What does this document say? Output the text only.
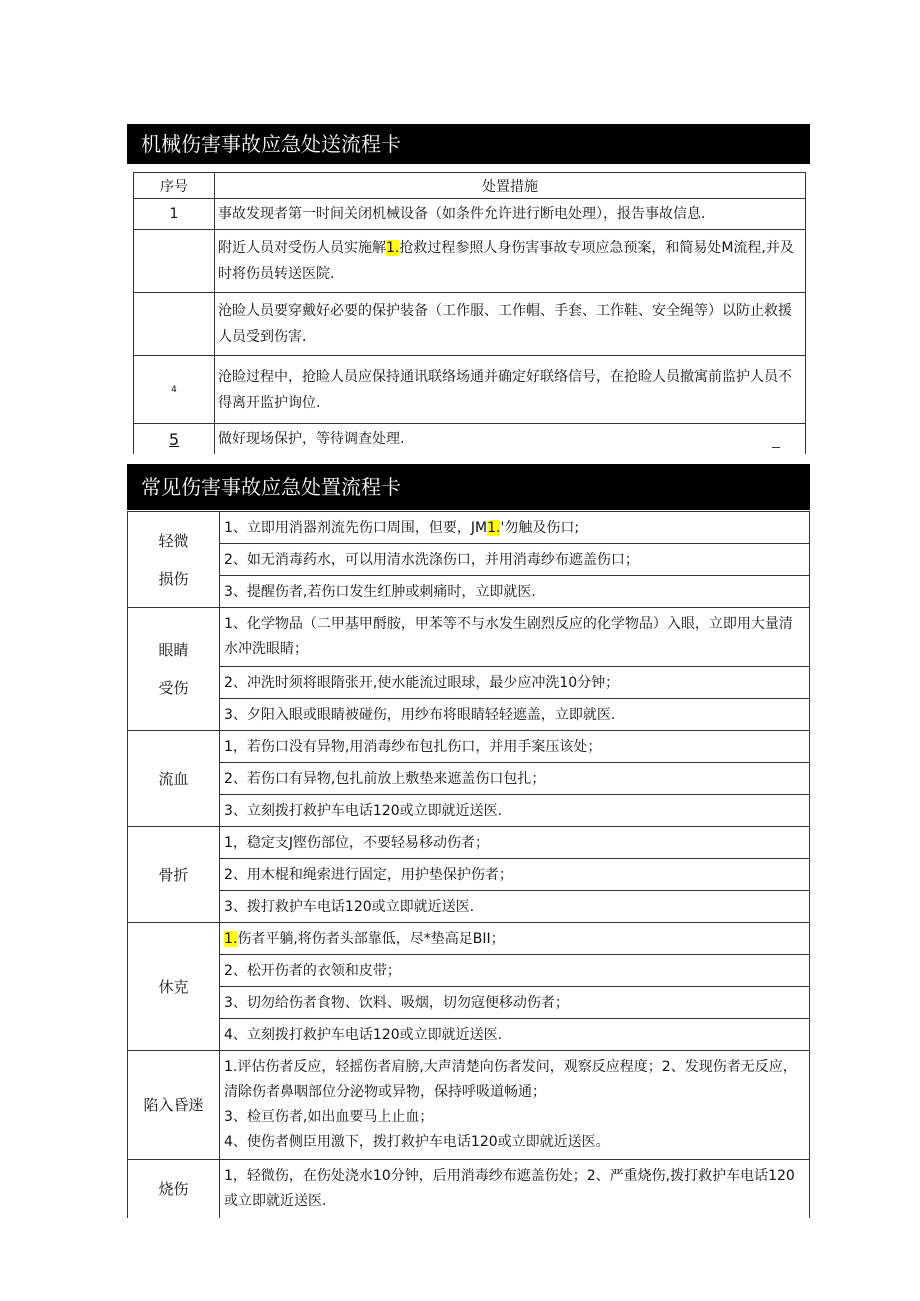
机械伤害事故应急处送流程卡
序号	处置措施
1	事故发现者第一时间关闭机械设备（如条件允许进行断电处理），报告事故信息.
	附近人员对受伤人员实施解1.抢救过程参照人身伤害事故专项应急预案，和简易处M流程,并及时将伤员转送医院.
	沧睑人员要穿戴好必要的保护装备（工作服、工作帽、手套、工作鞋、安全绳等）以防止救援人员受到伤害.
4	沧睑过程中，抢睑人员应保持通讯联络场通并确定好联络信号，在抢睑人员撤寓前监护人员不得离开监护询位.
5	做好现场保护，等待调查处理.
常见伤害事故应急处置流程卡
轻微
损伤	1、立即用消器剂流先伤口周围，但要，JM1.'勿触及伤口;
	2、如无消毒药水，可以用清水洗涤伤口，并用消毒纱布遮盖伤口；
	3、提醒伤者,若伤口发生红肿或刺痛时，立即就医.

眼睛
受伤	1、化学物品（二甲基甲酹胺，甲苯等不与水发生剧烈反应的化学物品）入眼，立即用大量清水冲洗眼睛；
	2、冲洗时须将眼隋张开,使水能流过眼球，最少应冲洗10分钟；
	3、夕阳入眼或眼睛被碰伤，用纱布将眼睛轻轻遮盖，立即就医.
流血	1，若伤口没有异物,用消毒纱布包扎伤口，并用手案压该处；
	2、若伤口有异物,包扎前放上敷垫来遮盖伤口包扎；
	3、立刻拨打救护车电话120或立即就近送医.
骨折	1，稳定支J铿伤部位，不要轻易移动伤者；
	2、用木棍和绳索进行固定，用护垫保护伤者；
	3、拨打救护车电话120或立即就近送医.
休克	1.伤者平躺,将伤者头部靠低，尽*垫高足BII；
	2、松开伤者的衣领和皮带；
	3、切勿给伤者食物、饮料、吸烟，切勿寇便移动伤者；
	4、立刻拨打救护车电话120或立即就近送医.
陷入昏迷	1.评估伤者反应，轻摇伤者肩膀,大声清楚向伤者发问，观察反应程度；2、发现伤者无反应，清除伤者鼻咽部位分泌物或异物，保持呼吸道畅通；
3、检亘伤者,如出血要马上止血；
4、使伤者侧臣用激下，拨打救护车电话120或立即就近送医。

烧伤	1，轻微伤，在伤处浇水10分钟，后用消毒纱布遮盖伤处；2、严重烧伤,拨打救护车电话120或立即就近送医.
